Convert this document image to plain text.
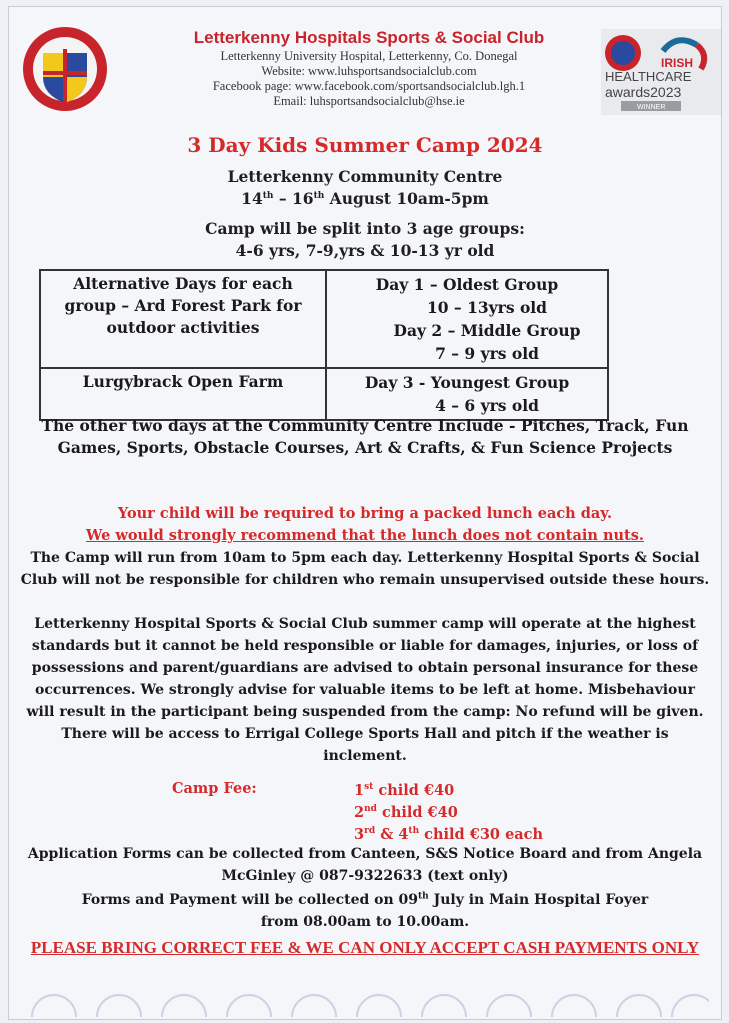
Letterkenny Hospitals Sports & Social Club
Letterkenny University Hospital, Letterkenny, Co. Donegal
Website: www.luhsportsandsocialclub.com
Facebook page: www.facebook.com/sportsandsocialclub.lgh.1
Email: luhsportsandsocialclub@hse.ie
IRISH
HEALTHCARE
awards2023
WINNER
3 Day Kids Summer Camp 2024
Letterkenny Community Centre
14th – 16th August 10am-5pm
Camp will be split into 3 age groups:
4-6 yrs, 7-9,yrs & 10-13 yr old
Alternative Days for each group – Ard Forest Park for outdoor activities	Day 1 – Oldest Group
10 – 13yrs old
Day 2 – Middle Group
7 – 9 yrs old

Lurgybrack Open Farm	Day 3 - Youngest Group
4 – 6 yrs old
The other two days at the Community Centre Include - Pitches, Track, Fun Games, Sports, Obstacle Courses, Art & Crafts, & Fun Science Projects
Your child will be required to bring a packed lunch each day.
We would strongly recommend that the lunch does not contain nuts.
The Camp will run from 10am to 5pm each day. Letterkenny Hospital Sports & Social Club will not be responsible for children who remain unsupervised outside these hours.
Letterkenny Hospital Sports & Social Club summer camp will operate at the highest standards but it cannot be held responsible or liable for damages, injuries, or loss of possessions and parent/guardians are advised to obtain personal insurance for these occurrences. We strongly advise for valuable items to be left at home. Misbehaviour will result in the participant being suspended from the camp: No refund will be given. There will be access to Errigal College Sports Hall and pitch if the weather is inclement.
Camp Fee:	1st child €40
2nd child €40
3rd & 4th child €30 each
Application Forms can be collected from Canteen, S&S Notice Board and from Angela McGinley @ 087-9322633 (text only)
Forms and Payment will be collected on 09th July in Main Hospital Foyer
from 08.00am to 10.00am.
PLEASE BRING CORRECT FEE & WE CAN ONLY ACCEPT CASH PAYMENTS ONLY
